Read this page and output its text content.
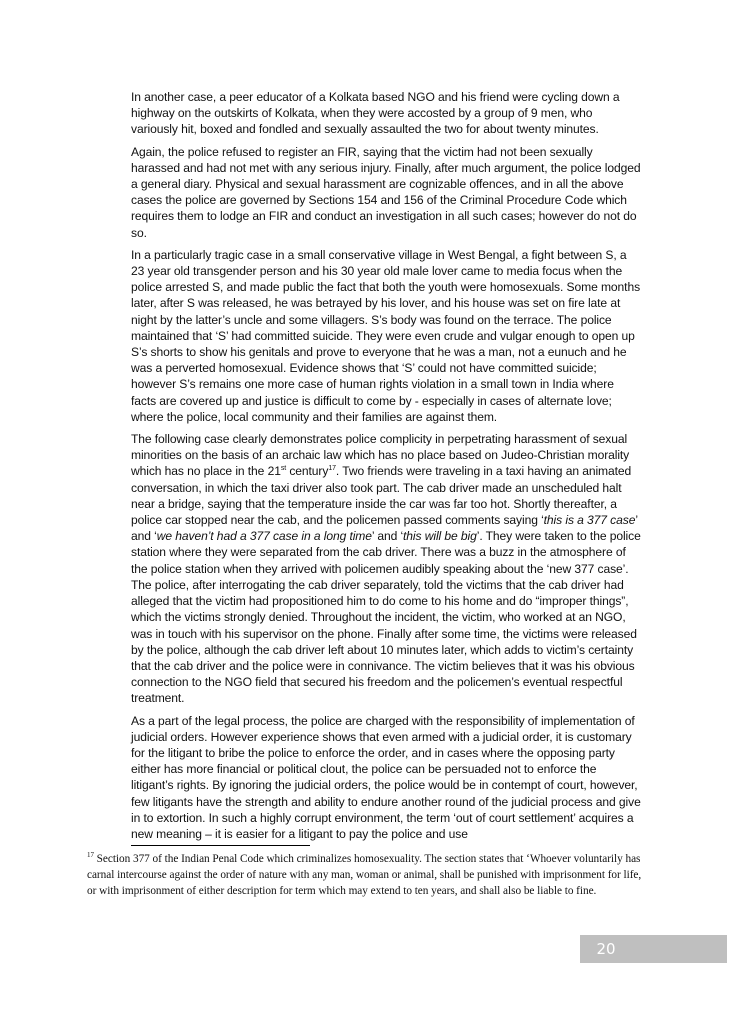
In another case, a peer educator of a Kolkata based NGO and his friend were cycling down a highway on the outskirts of Kolkata, when they were accosted by a group of 9 men, who variously hit, boxed and fondled and sexually assaulted the two for about twenty minutes.

Again, the police refused to register an FIR, saying that the victim had not been sexually harassed and had not met with any serious injury. Finally, after much argument, the police lodged a general diary. Physical and sexual harassment are cognizable offences, and in all the above cases the police are governed by Sections 154 and 156 of the Criminal Procedure Code which requires them to lodge an FIR and conduct an investigation in all such cases; however do not do so.

In a particularly tragic case in a small conservative village in West Bengal, a fight between S, a 23 year old transgender person and his 30 year old male lover came to media focus when the police arrested S, and made public the fact that both the youth were homosexuals. Some months later, after S was released, he was betrayed by his lover, and his house was set on fire late at night by the latter’s uncle and some villagers. S’s body was found on the terrace. The police maintained that ‘S’ had committed suicide. They were even crude and vulgar enough to open up S’s shorts to show his genitals and prove to everyone that he was a man, not a eunuch and he was a perverted homosexual. Evidence shows that ‘S’ could not have committed suicide; however S’s remains one more case of human rights violation in a small town in India where facts are covered up and justice is difficult to come by - especially in cases of alternate love; where the police, local community and their families are against them.

The following case clearly demonstrates police complicity in perpetrating harassment of sexual minorities on the basis of an archaic law which has no place based on Judeo-Christian morality which has no place in the 21st century$^{17}$. Two friends were traveling in a taxi having an animated conversation, in which the taxi driver also took part. The cab driver made an unscheduled halt near a bridge, saying that the temperature inside the car was far too hot. Shortly thereafter, a police car stopped near the cab, and the policemen passed comments saying ‘this is a 377 case’ and ‘we haven’t had a 377 case in a long time’ and ‘this will be big’. They were taken to the police station where they were separated from the cab driver. There was a buzz in the atmosphere of the police station when they arrived with policemen audibly speaking about the ‘new 377 case’. The police, after interrogating the cab driver separately, told the victims that the cab driver had alleged that the victim had propositioned him to do come to his home and do “improper things”, which the victims strongly denied. Throughout the incident, the victim, who worked at an NGO, was in touch with his supervisor on the phone. Finally after some time, the victims were released by the police, although the cab driver left about 10 minutes later, which adds to victim’s certainty that the cab driver and the police were in connivance. The victim believes that it was his obvious connection to the NGO field that secured his freedom and the policemen’s eventual respectful treatment.

As a part of the legal process, the police are charged with the responsibility of implementation of judicial orders. However experience shows that even armed with a judicial order, it is customary for the litigant to bribe the police to enforce the order, and in cases where the opposing party either has more financial or political clout, the police can be persuaded not to enforce the litigant’s rights. By ignoring the judicial orders, the police would be in contempt of court, however, few litigants have the strength and ability to endure another round of the judicial process and give in to extortion. In such a highly corrupt environment, the term ‘out of court settlement’ acquires a new meaning – it is easier for a litigant to pay the police and use

$^{17}$ Section 377 of the Indian Penal Code which criminalizes homosexuality. The section states that ‘Whoever voluntarily has carnal intercourse against the order of nature with any man, woman or animal, shall be punished with imprisonment for life, or with imprisonment of either description for term which may extend to ten years, and shall also be liable to fine.
20
